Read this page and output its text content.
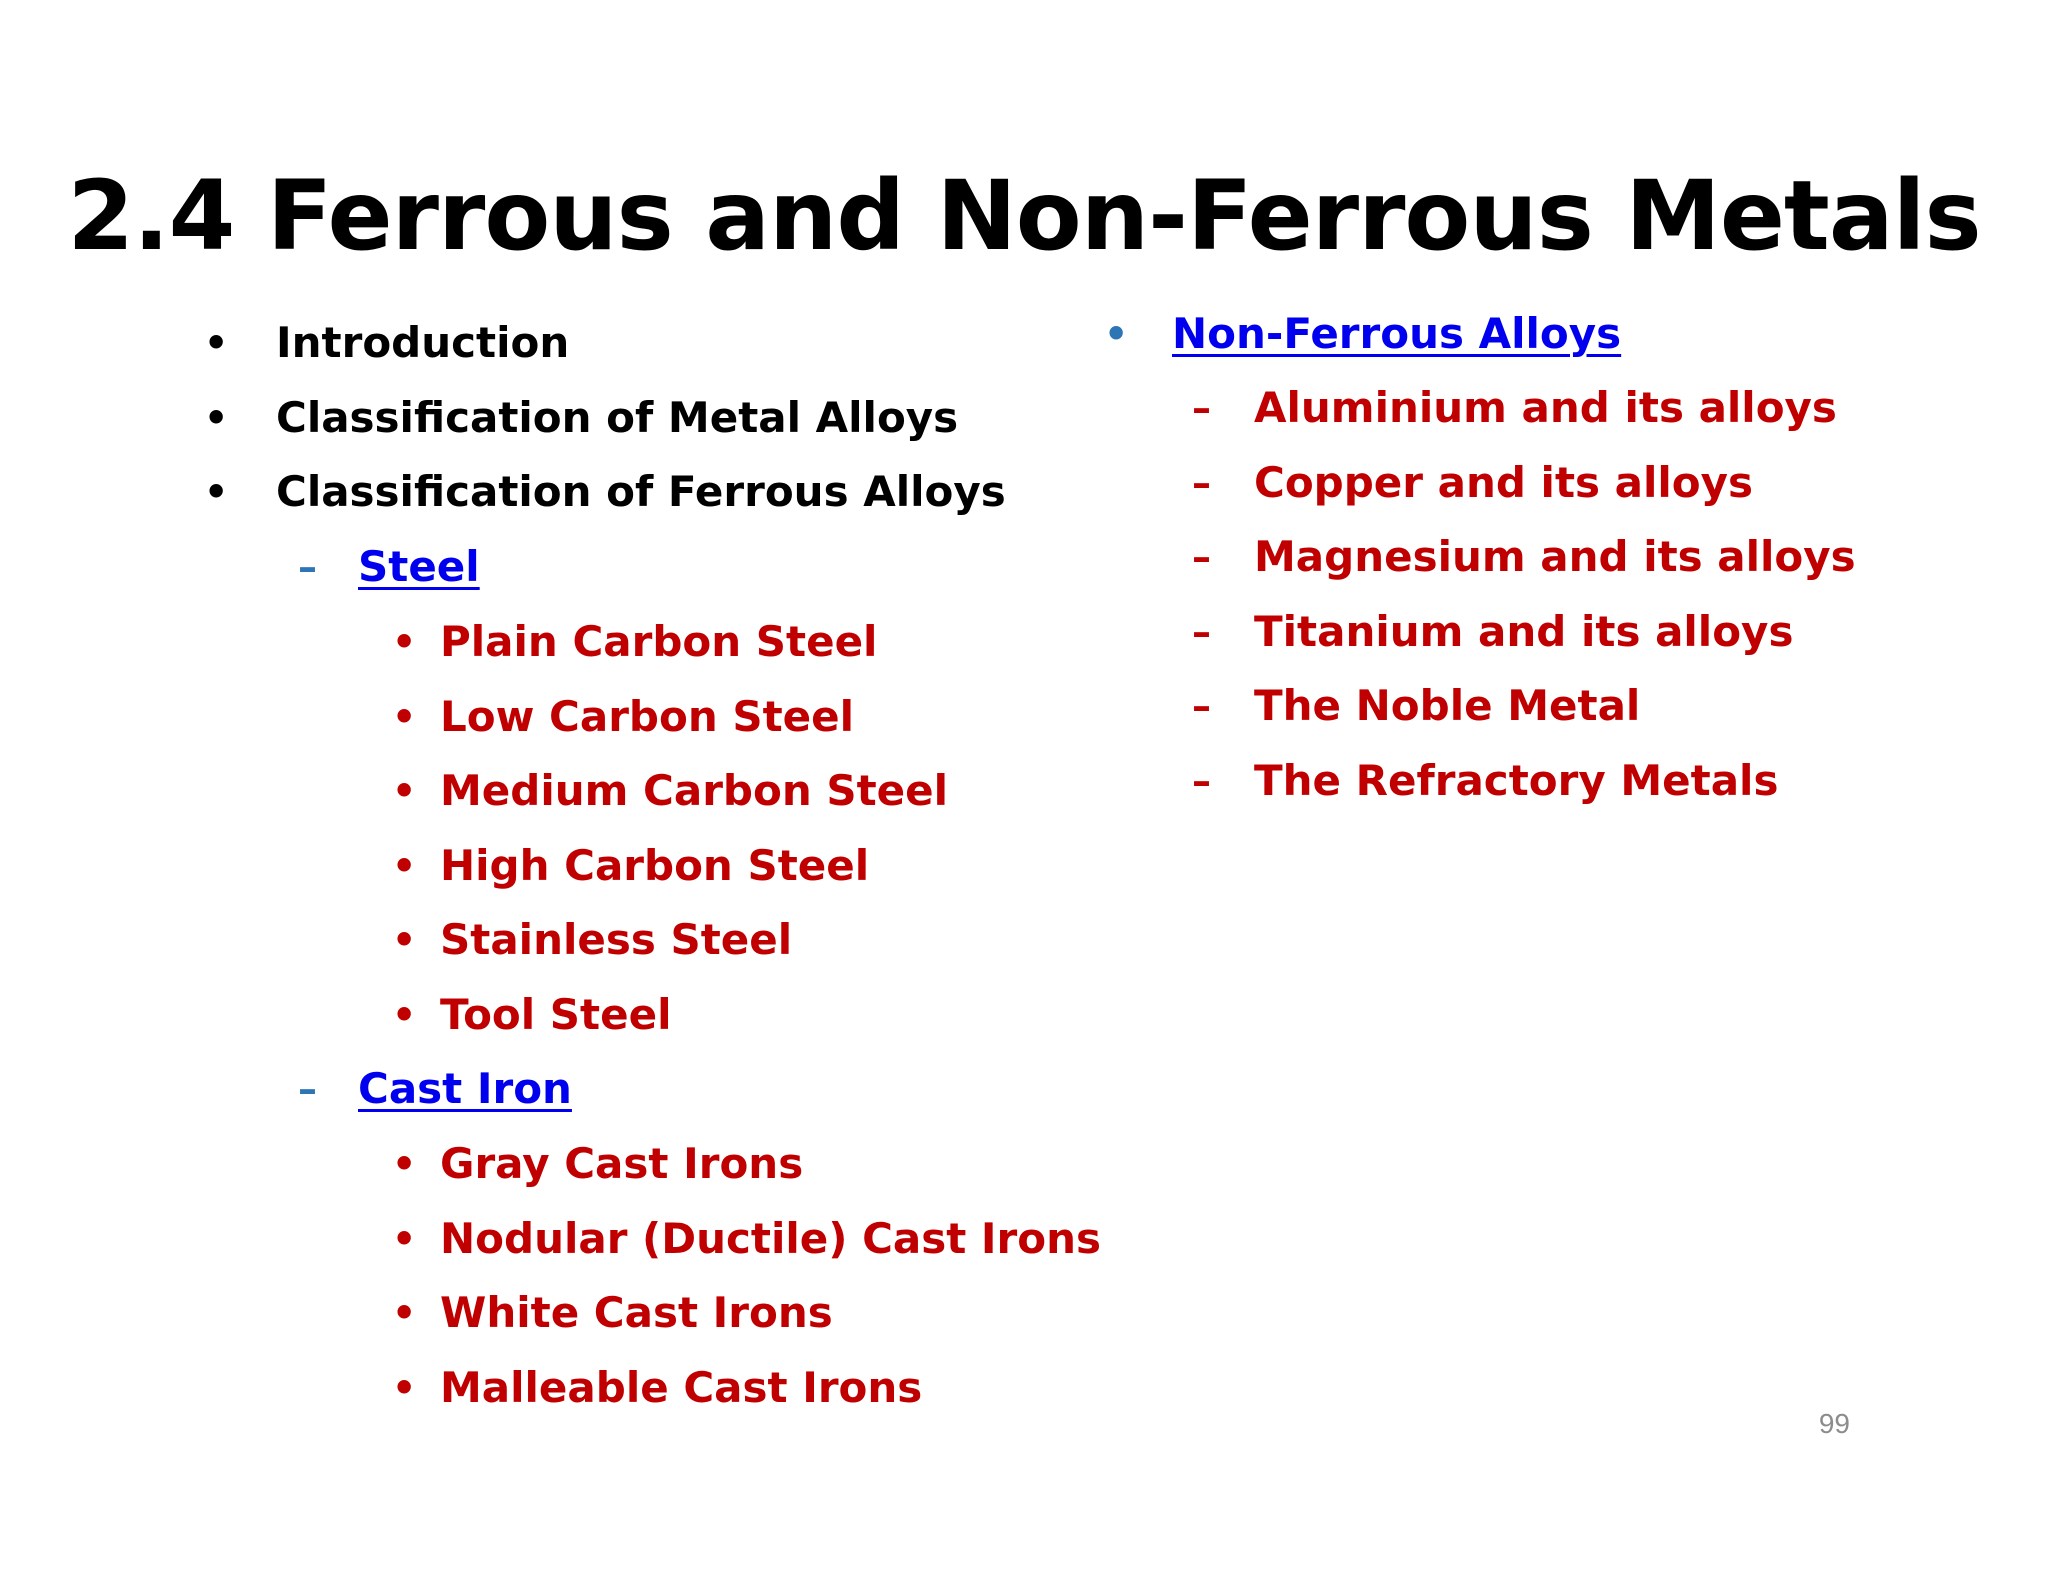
2.4 Ferrous and Non-Ferrous Metals
• Introduction
• Classification of Metal Alloys
• Classification of Ferrous Alloys
– Steel
• Plain Carbon Steel
• Low Carbon Steel
• Medium Carbon Steel
• High Carbon Steel
• Stainless Steel
• Tool Steel
– Cast Iron
• Gray Cast Irons
• Nodular (Ductile) Cast Irons
• White Cast Irons
• Malleable Cast Irons
• Non-Ferrous Alloys
– Aluminium and its alloys
– Copper and its alloys
– Magnesium and its alloys
– Titanium and its alloys
– The Noble Metal
– The Refractory Metals
99
